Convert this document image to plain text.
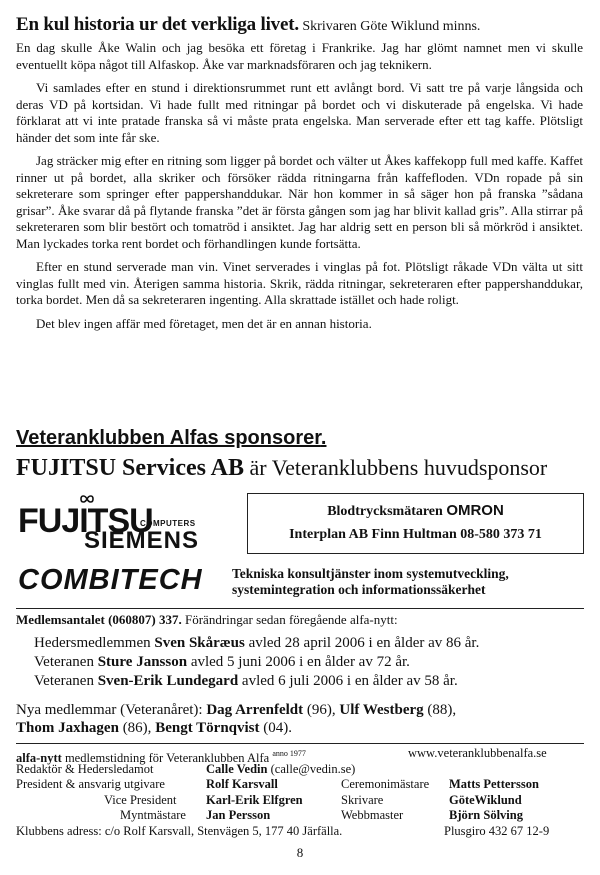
En kul historia ur det verkliga livet. Skrivaren Göte Wiklund minns.

En dag skulle Åke Walin och jag besöka ett företag i Frankrike. Jag har glömt namnet men vi skulle eventuellt köpa något till Alfaskop. Åke var marknadsföraren och jag teknikern.

Vi samlades efter en stund i direktionsrummet runt ett avlångt bord. Vi satt tre på varje långsida och deras VD på kortsidan. Vi hade fullt med ritningar på bordet och vi diskuterade på engelska. Vi hade förklarat att vi inte pratade franska så vi måste prata engelska. Man serverade efter ett tag kaffe. Plötsligt händer det som inte får ske.

Jag sträcker mig efter en ritning som ligger på bordet och välter ut Åkes kaffekopp full med kaffe. Kaffet rinner ut på bordet, alla skriker och försöker rädda ritningarna från kaffefloden. VDn ropade på sin sekreterare som springer efter pappershanddukar. När hon kommer in så säger hon på franska ”sådana grisar”. Åke svarar då på flytande franska ”det är första gången som jag har blivit kallad gris”. Alla stirrar på sekreteraren som blir bestört och tomatröd i ansiktet. Jag har aldrig sett en person bli så mörkröd i ansiktet. Man lyckades torka rent bordet och förhandlingen kunde fortsätta.

Efter en stund serverade man vin. Vinet serverades i vinglas på fot. Plötsligt råkade VDn välta ut sitt vinglas fullt med vin. Återigen samma historia. Skrik, rädda ritningar, sekreteraren efter pappershanddukar, torka bordet. Men då sa sekreteraren ingenting. Alla skrattade istället och hade roligt.

Det blev ingen affär med företaget, men det är en annan historia.

Veteranklubben Alfas sponsorer.
FUJITSU Services AB är Veteranklubbens huvudsponsor
FUJITSU
COMPUTERS
SIEMENS
Blodtrycksmätaren OMRON
Interplan AB Finn Hultman 08-580 373 71
COMBITECH Tekniska konsultjänster inom systemutveckling,
systemintegration och informationssäkerhet
Medlemsantalet (060807) 337. Förändringar sedan föregående alfa-nytt:
Hedersmedlemmen Sven Skåræus avled 28 april 2006 i en ålder av 86 år.
Veteranen Sture Jansson avled 5 juni 2006 i en ålder av 72 år.
Veteranen Sven-Erik Lundegard avled 6 juli 2006 i en ålder av 58 år.
Nya medlemmar (Veteranåret): Dag Arrenfeldt (96), Ulf Westberg (88),
Thom Jaxhagen (86), Bengt Törnqvist (04).
alfa-nytt medlemstidning för Veteranklubben Alfa $^{anno 1977}$	www.veteranklubbenalfa.se
Redaktör & Hedersledamot	Calle Vedin (calle@vedin.se)
President & ansvarig utgivare	Rolf Karsvall	Ceremonimästare Matts Pettersson
Vice President Karl-Erik Elfgren	Skrivare	GöteWiklund
Myntmästare Jan Persson	Webbmaster	Björn Sölving
Klubbens adress: c/o Rolf Karsvall, Stenvägen 5, 177 40 Järfälla.	Plusgiro 432 67 12-9
8
